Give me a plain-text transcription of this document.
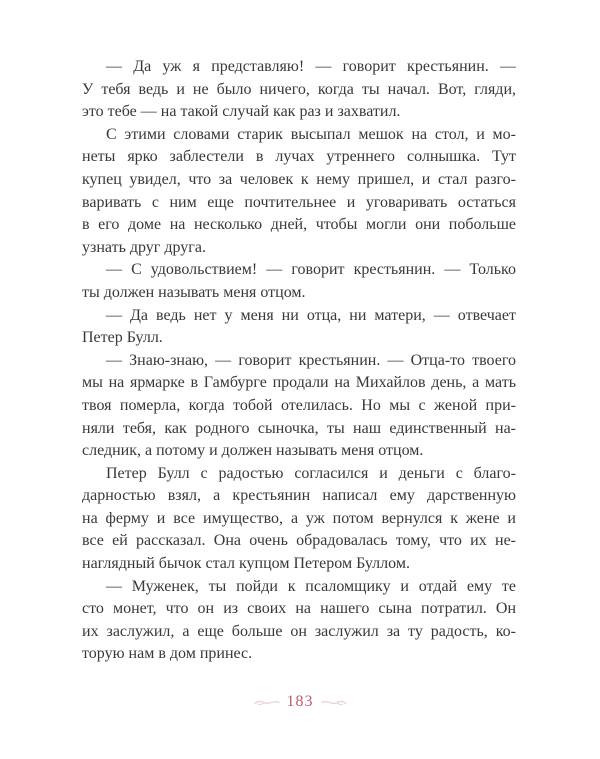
— Да уж я представляю! — говорит крестьянин. —
У тебя ведь и не было ничего, когда ты начал. Вот, гляди,
это тебе — на такой случай как раз и захватил.
С этими словами старик высыпал мешок на стол, и мо-
неты ярко заблестели в лучах утреннего солнышка. Тут
купец увидел, что за человек к нему пришел, и стал разго-
варивать с ним еще почтительнее и уговаривать остаться
в его доме на несколько дней, чтобы могли они побольше
узнать друг друга.
— С удовольствием! — говорит крестьянин. — Только
ты должен называть меня отцом.
— Да ведь нет у меня ни отца, ни матери, — отвечает
Петер Булл.
— Знаю-знаю, — говорит крестьянин. — Отца-то твоего
мы на ярмарке в Гамбурге продали на Михайлов день, а мать
твоя померла, когда тобой отелилась. Но мы с женой при-
няли тебя, как родного сыночка, ты наш единственный на-
следник, а потому и должен называть меня отцом.
Петер Булл с радостью согласился и деньги с благо-
дарностью взял, а крестьянин написал ему дарственную
на ферму и все имущество, а уж потом вернулся к жене и
все ей рассказал. Она очень обрадовалась тому, что их не-
наглядный бычок стал купцом Петером Буллом.
— Муженек, ты пойди к псаломщику и отдай ему те
сто монет, что он из своих на нашего сына потратил. Он
их заслужил, а еще больше он заслужил за ту радость, ко-
торую нам в дом принес.
183
